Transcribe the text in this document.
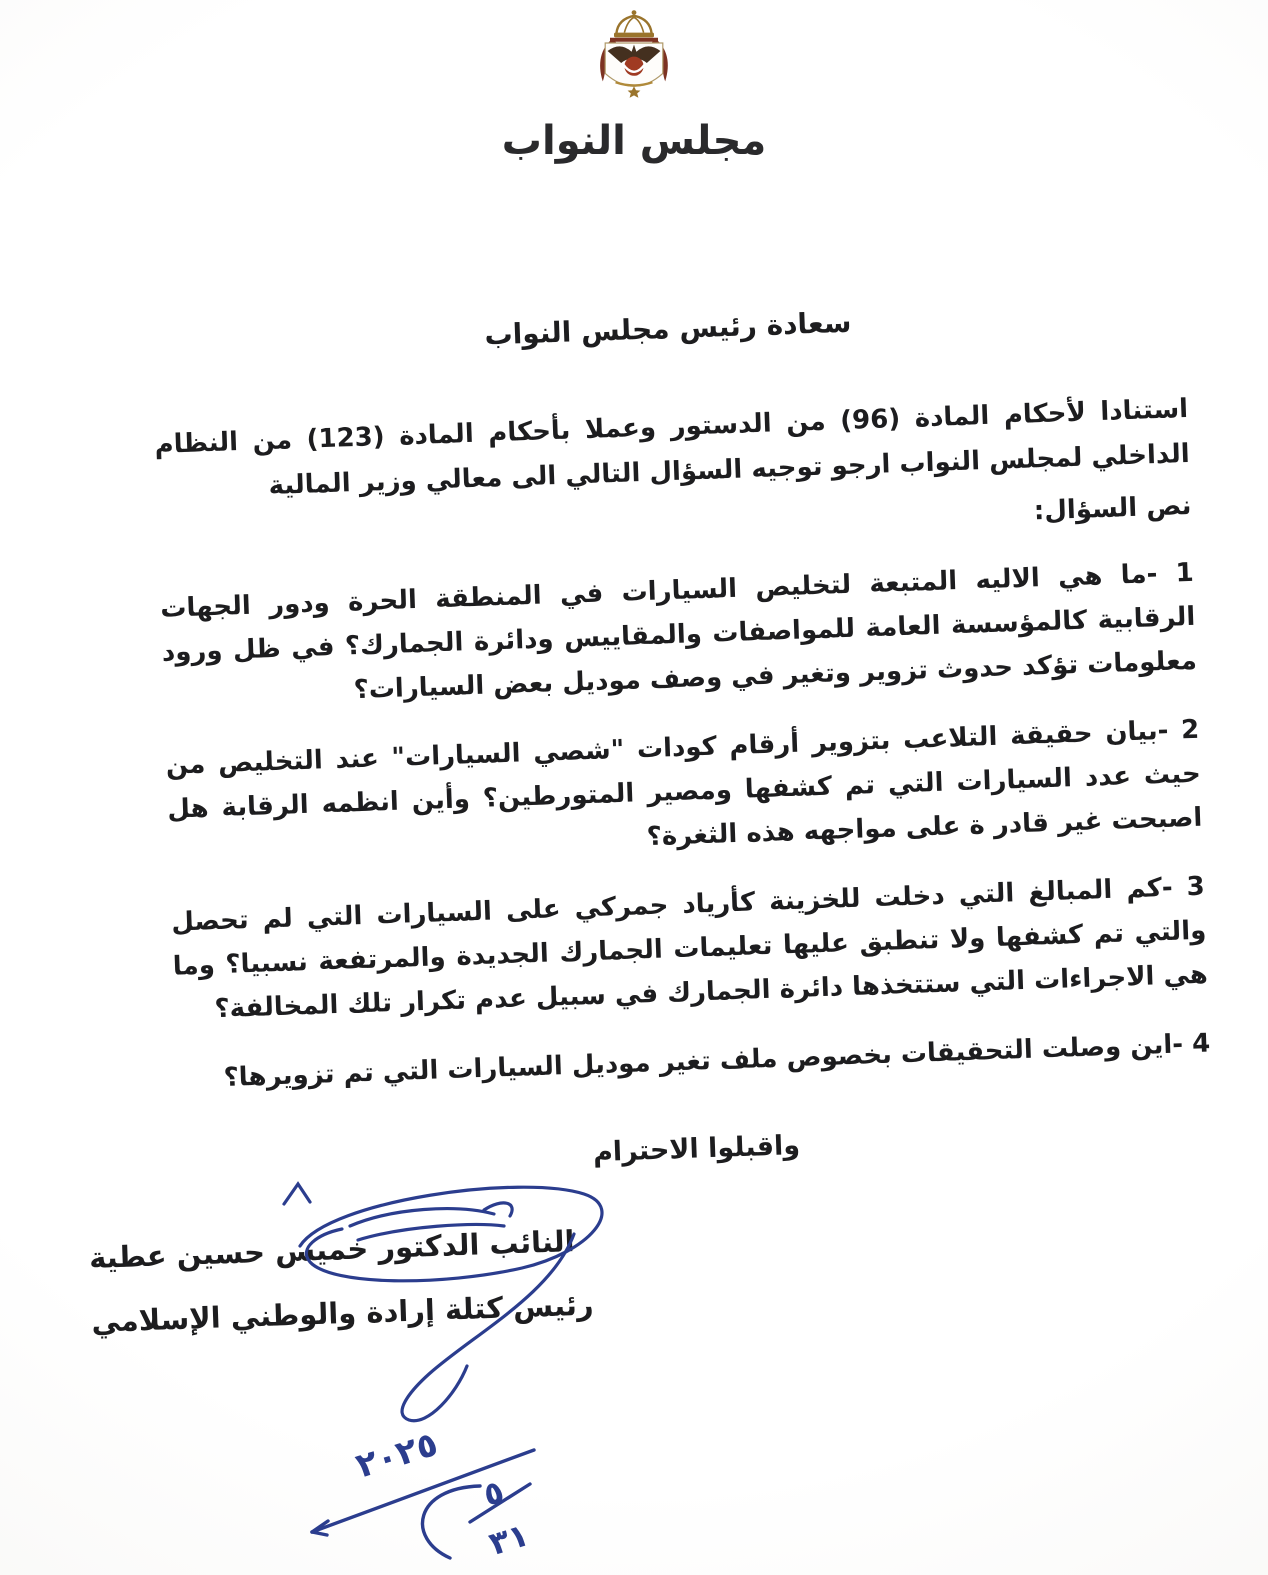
مجلس النواب

سعادة رئيس مجلس النواب

استنادا لأحكام المادة (96) من الدستور وعملا بأحكام المادة (123) من النظام الداخلي لمجلس النواب ارجو توجيه السؤال التالي الى معالي وزير المالية

نص السؤال:

1 -ما هي الاليه المتبعة لتخليص السيارات في المنطقة الحرة ودور الجهات الرقابية كالمؤسسة العامة للمواصفات والمقاييس ودائرة الجمارك؟ في ظل ورود معلومات تؤكد حدوث تزوير وتغير في وصف موديل بعض السيارات؟

2 -بيان حقيقة التلاعب بتزوير أرقام كودات "شصي السيارات" عند التخليص من حيث عدد السيارات التي تم كشفها ومصير المتورطين؟ وأين انظمه الرقابة هل اصبحت غير قادر ة على مواجهه هذه الثغرة؟

3 -كم المبالغ التي دخلت للخزينة كأرياد جمركي على السيارات التي لم تحصل والتي تم كشفها ولا تنطبق عليها تعليمات الجمارك الجديدة والمرتفعة نسبيا؟ وما هي الاجراءات التي ستتخذها دائرة الجمارك في سبيل عدم تكرار تلك المخالفة؟

4 -اين وصلت التحقيقات بخصوص ملف تغير موديل السيارات التي تم تزويرها؟

واقبلوا الاحترام

النائب الدكتور خميس حسين عطية
رئيس كتلة إرادة والوطني الإسلامي
٢٠٢٥
٥
٣١
